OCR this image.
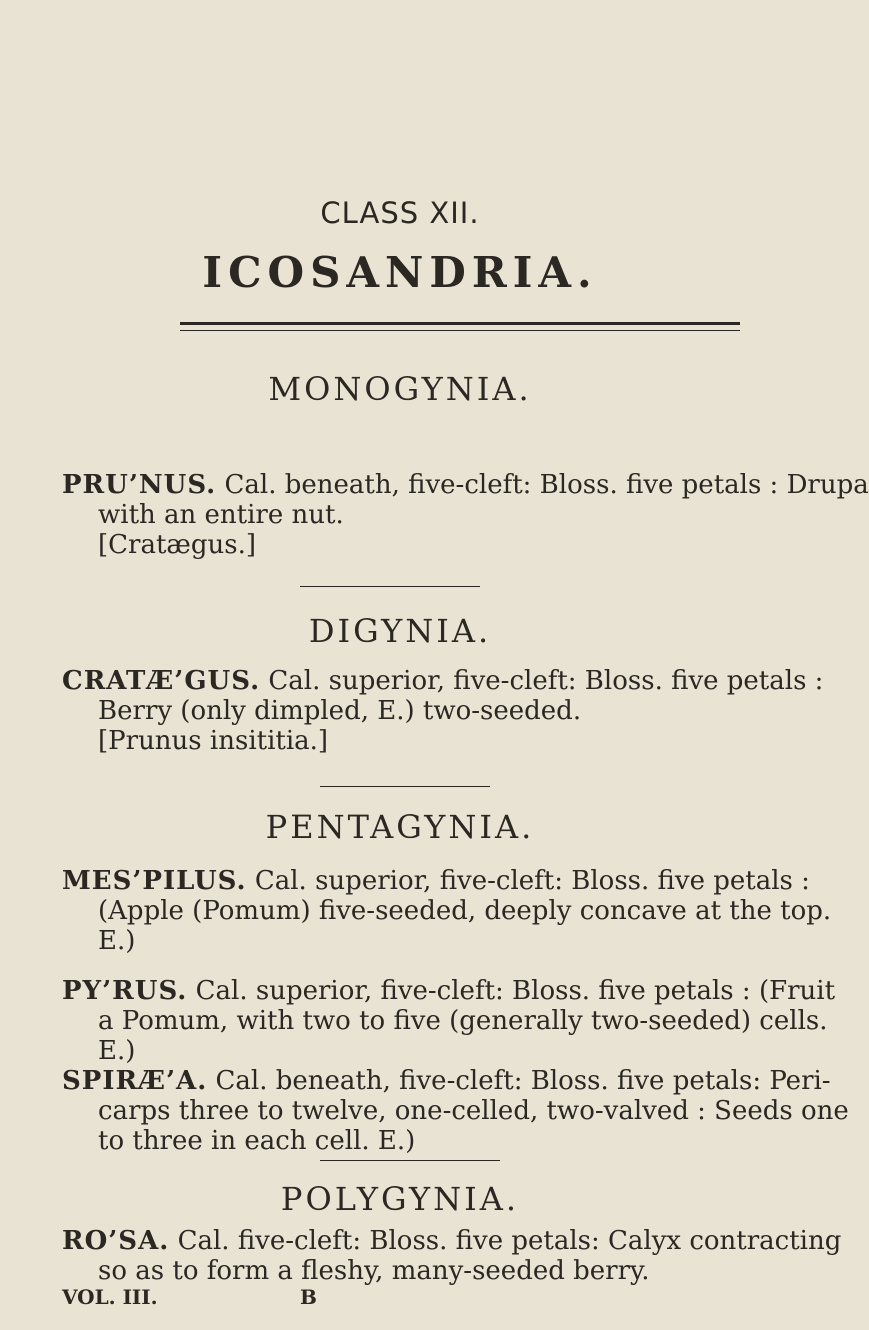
CLASS XII.
ICOSANDRIA.
MONOGYNIA.
PRU’NUS. Cal. beneath, five-cleft: Bloss. five petals : Drupa
with an entire nut.
[Cratægus.]
DIGYNIA.
CRATÆ’GUS. Cal. superior, five-cleft: Bloss. five petals :
Berry (only dimpled, E.) two-seeded.
[Prunus insititia.]
PENTAGYNIA.
MES’PILUS. Cal. superior, five-cleft: Bloss. five petals :
(Apple (Pomum) five-seeded, deeply concave at the top.
E.)
PY’RUS. Cal. superior, five-cleft: Bloss. five petals : (Fruit
a Pomum, with two to five (generally two-seeded) cells.
E.)
SPIRÆ’A. Cal. beneath, five-cleft: Bloss. five petals: Peri-
carps three to twelve, one-celled, two-valved : Seeds one
to three in each cell. E.)
POLYGYNIA.
RO’SA. Cal. five-cleft: Bloss. five petals: Calyx contracting
so as to form a fleshy, many-seeded berry.
VOL. III.	B
